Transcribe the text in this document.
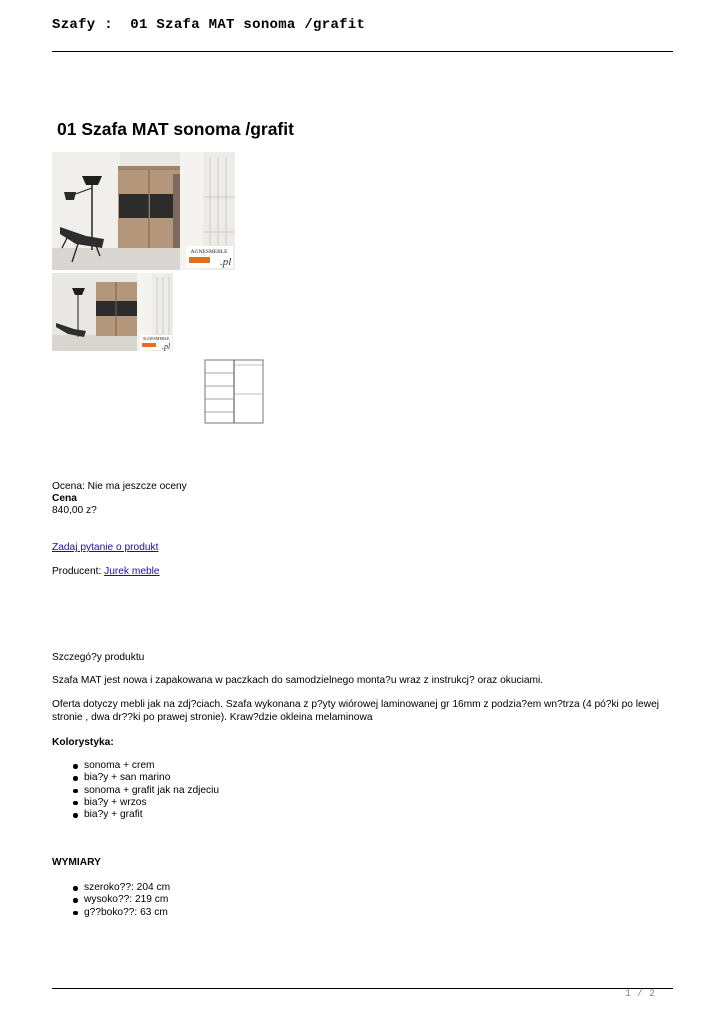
Szafy :  01 Szafa MAT sonoma /grafit
01 Szafa MAT sonoma /grafit
AGNESMEBLE
.pl
AGNESMEBLE
.pl
Ocena: Nie ma jeszcze oceny
Cena
840,00 z?
Zadaj pytanie o produkt
Producent: Jurek meble
Szczegó?y produktu
Szafa MAT jest nowa i zapakowana w paczkach do samodzielnego monta?u wraz z instrukcj? oraz okuciami.
Oferta dotyczy mebli jak na zdj?ciach. Szafa wykonana z p?yty wiórowej laminowanej gr 16mm z podzia?em wn?trza (4 pó?ki po lewej stronie , dwa dr??ki po prawej stronie). Kraw?dzie okleina melaminowa
Kolorystyka:
sonoma + crem
bia?y + san marino
sonoma + grafit jak na zdjeciu
bia?y + wrzos
bia?y + grafit
WYMIARY
szeroko??: 204 cm
wysoko??: 219 cm
g??boko??: 63 cm
1 / 2
